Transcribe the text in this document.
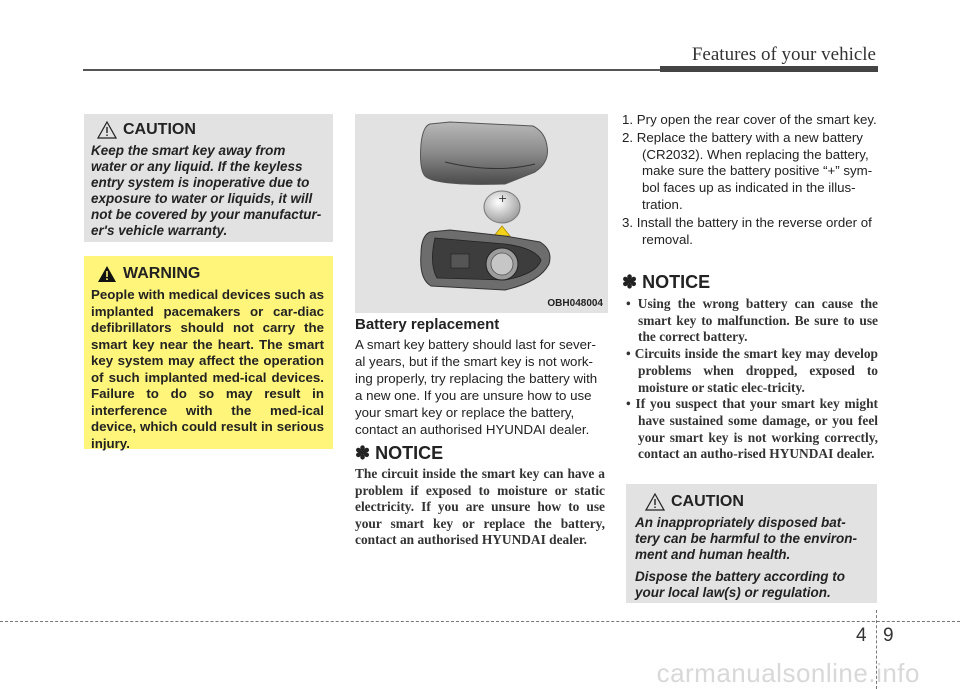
Features of your vehicle
CAUTION
Keep the smart key away from water or any liquid. If the keyless entry system is inoperative due to exposure to water or liquids, it will not be covered by your manufactur-er's vehicle warranty.
WARNING
People with medical devices such as implanted pacemakers or car-diac defibrillators should not carry the smart key near the heart. The smart key system may affect the operation of such implanted med-ical devices. Failure to do so may result in interference with the med-ical device, which could result in serious injury.
+
OBH048004
Battery replacement
A smart key battery should last for sever-al years, but if the smart key is not work-ing properly, try replacing the battery with a new one. If you are unsure how to use your smart key or replace the battery, contact an authorised HYUNDAI dealer.
✽ NOTICE
The circuit inside the smart key can have a problem if exposed to moisture or static electricity. If you are unsure how to use your smart key or replace the battery, contact an authorised HYUNDAI dealer.
1. Pry open the rear cover of the smart key.
2. Replace the battery with a new battery (CR2032). When replacing the battery, make sure the battery positive “+” sym-bol faces up as indicated in the illus-tration.
3. Install the battery in the reverse order of removal.
✽ NOTICE
• Using the wrong battery can cause the smart key to malfunction. Be sure to use the correct battery.
• Circuits inside the smart key may develop problems when dropped, exposed to moisture or static elec-tricity.
• If you suspect that your smart key might have sustained some damage, or you feel your smart key is not working correctly, contact an autho-rised HYUNDAI dealer.
CAUTION
An inappropriately disposed bat-tery can be harmful to the environ-ment and human health.
Dispose the battery according to your local law(s) or regulation.
4 9
carmanualsonline.info
